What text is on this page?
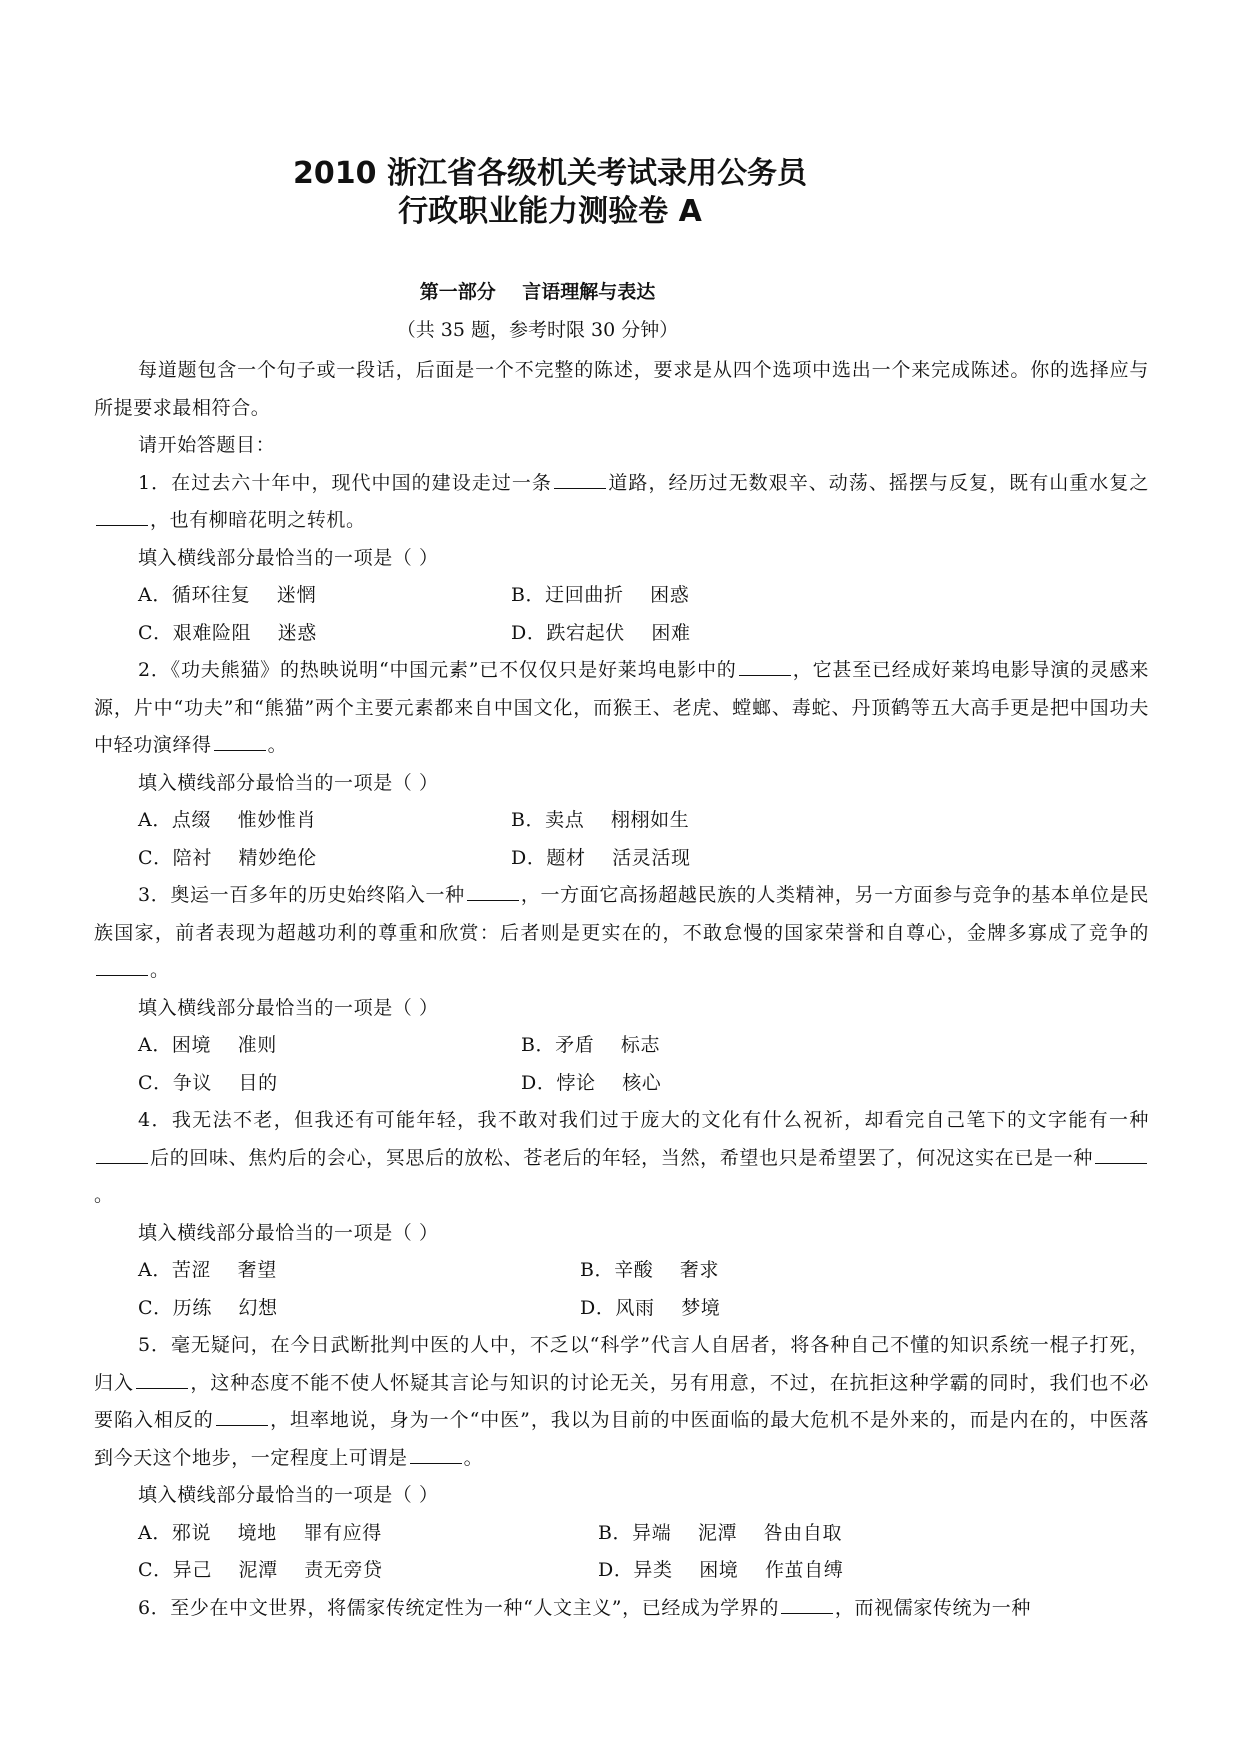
2010 浙江省各级机关考试录用公务员
行政职业能力测验卷 A
第一部分    言语理解与表达
（共 35 题，参考时限 30 分钟）

每道题包含一个句子或一段话，后面是一个不完整的陈述，要求是从四个选项中选出一个来完成陈述。你的选择应与所提要求最相符合。

请开始答题目：

1．在过去六十年中，现代中国的建设走过一条	道路，经历过无数艰辛、动荡、摇摆与反复，既有山重水复之，也有柳暗花明之转机。

填入横线部分最恰当的一项是（ ）

A．循环往复    迷惘	B．迂回曲折    困惑
C．艰难险阻    迷惑	D．跌宕起伏    困难

2．《功夫熊猫》的热映说明“中国元素”已不仅仅只是好莱坞电影中的	，它甚至已经成好莱坞电影导演的灵感来源，片中“功夫”和“熊猫”两个主要元素都来自中国文化，而猴王、老虎、螳螂、毒蛇、丹顶鹤等五大高手更是把中国功夫中轻功演绎得	。

填入横线部分最恰当的一项是（ ）

A．点缀    惟妙惟肖	B．卖点    栩栩如生
C．陪衬    精妙绝伦	D．题材    活灵活现

3．奥运一百多年的历史始终陷入一种	，一方面它高扬超越民族的人类精神，另一方面参与竞争的基本单位是民族国家，前者表现为超越功利的尊重和欣赏：后者则是更实在的，不敢怠慢的国家荣誉和自尊心，金牌多寡成了竞争的。

填入横线部分最恰当的一项是（ ）

A．困境    准则	B．矛盾    标志
C．争议    目的	D．悖论    核心

4．我无法不老，但我还有可能年轻，我不敢对我们过于庞大的文化有什么祝祈，却看完自己笔下的文字能有一种后的回味、焦灼后的会心，冥思后的放松、苍老后的年轻，当然，希望也只是希望罢了，何况这实在已是一种。

填入横线部分最恰当的一项是（ ）

A．苦涩    奢望	B．辛酸    奢求
C．历练    幻想	D．风雨    梦境

5．毫无疑问，在今日武断批判中医的人中，不乏以“科学”代言人自居者，将各种自己不懂的知识系统一棍子打死，归入	，这种态度不能不使人怀疑其言论与知识的讨论无关，另有用意，不过，在抗拒这种学霸的同时，我们也不必要陷入相反的	，坦率地说，身为一个“中医”，我以为目前的中医面临的最大危机不是外来的，而是内在的，中医落到今天这个地步，一定程度上可谓是	。

填入横线部分最恰当的一项是（ ）

A．邪说    境地    罪有应得	B．异端    泥潭    咎由自取
C．异己    泥潭    责无旁贷	D．异类    困境    作茧自缚

6．至少在中文世界，将儒家传统定性为一种“人文主义”，已经成为学界的	，而视儒家传统为一种
